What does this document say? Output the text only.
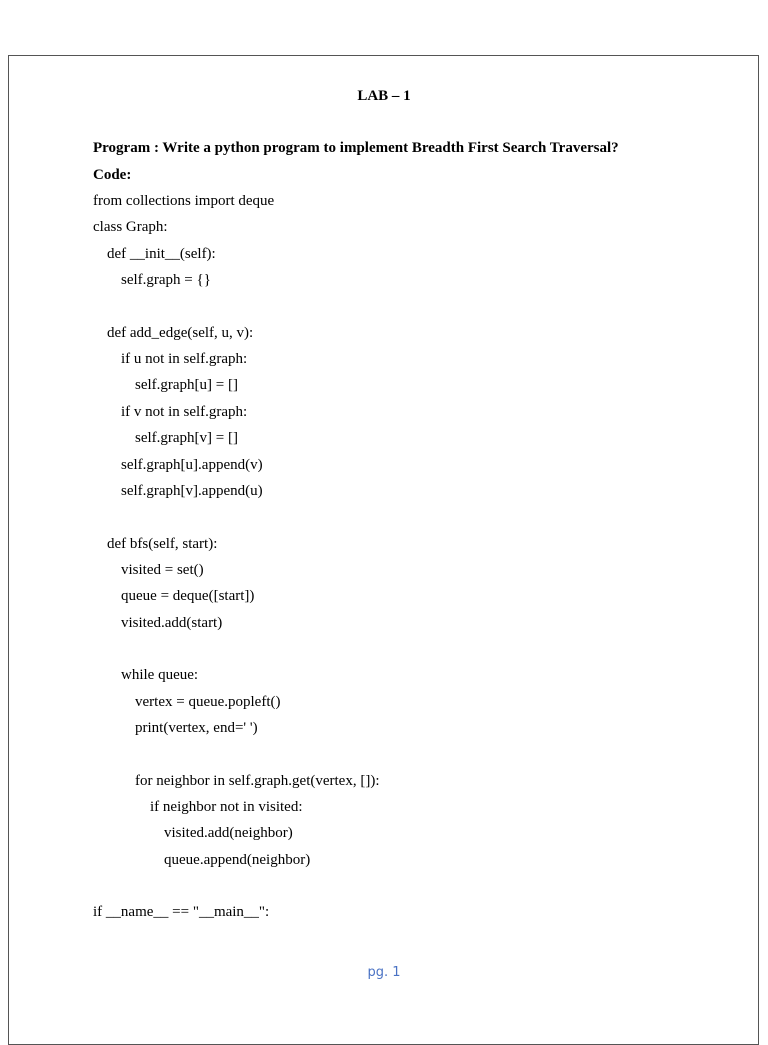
LAB – 1
Program : Write a python program to implement Breadth First Search Traversal?
Code:
from collections import deque
class Graph:
def __init__(self):
self.graph = {}
def add_edge(self, u, v):
if u not in self.graph:
self.graph[u] = []
if v not in self.graph:
self.graph[v] = []
self.graph[u].append(v)
self.graph[v].append(u)
def bfs(self, start):
visited = set()
queue = deque([start])
visited.add(start)
while queue:
vertex = queue.popleft()
print(vertex, end=' ')
for neighbor in self.graph.get(vertex, []):
if neighbor not in visited:
visited.add(neighbor)
queue.append(neighbor)
if __name__ == "__main__":
pg. 1
